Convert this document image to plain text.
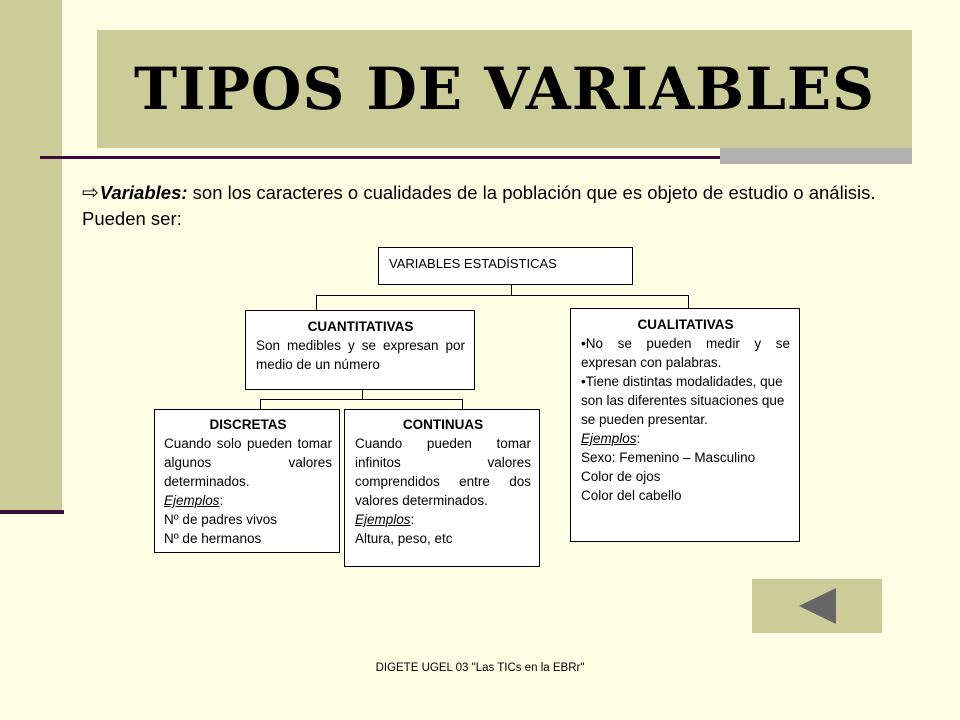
TIPOS DE VARIABLES
⇨Variables: son los caracteres o cualidades de la población que es objeto de estudio o análisis. Pueden ser:
VARIABLES ESTADÍSTICAS
CUANTITATIVAS
Son medibles y se expresan por medio de un número
CUALITATIVAS
•No se pueden medir y se expresan con palabras.
•Tiene distintas modalidades, que son las diferentes situaciones que se pueden presentar.
Ejemplos:
Sexo: Femenino – Masculino
Color de ojos
Color del cabello
DISCRETAS
Cuando solo pueden tomar algunos valores determinados.
Ejemplos:
Nº de padres vivos
Nº de hermanos
CONTINUAS
Cuando pueden tomar infinitos valores comprendidos entre dos valores determinados.
Ejemplos:
Altura, peso, etc
DIGETE UGEL 03 "Las TICs en la EBRr"
